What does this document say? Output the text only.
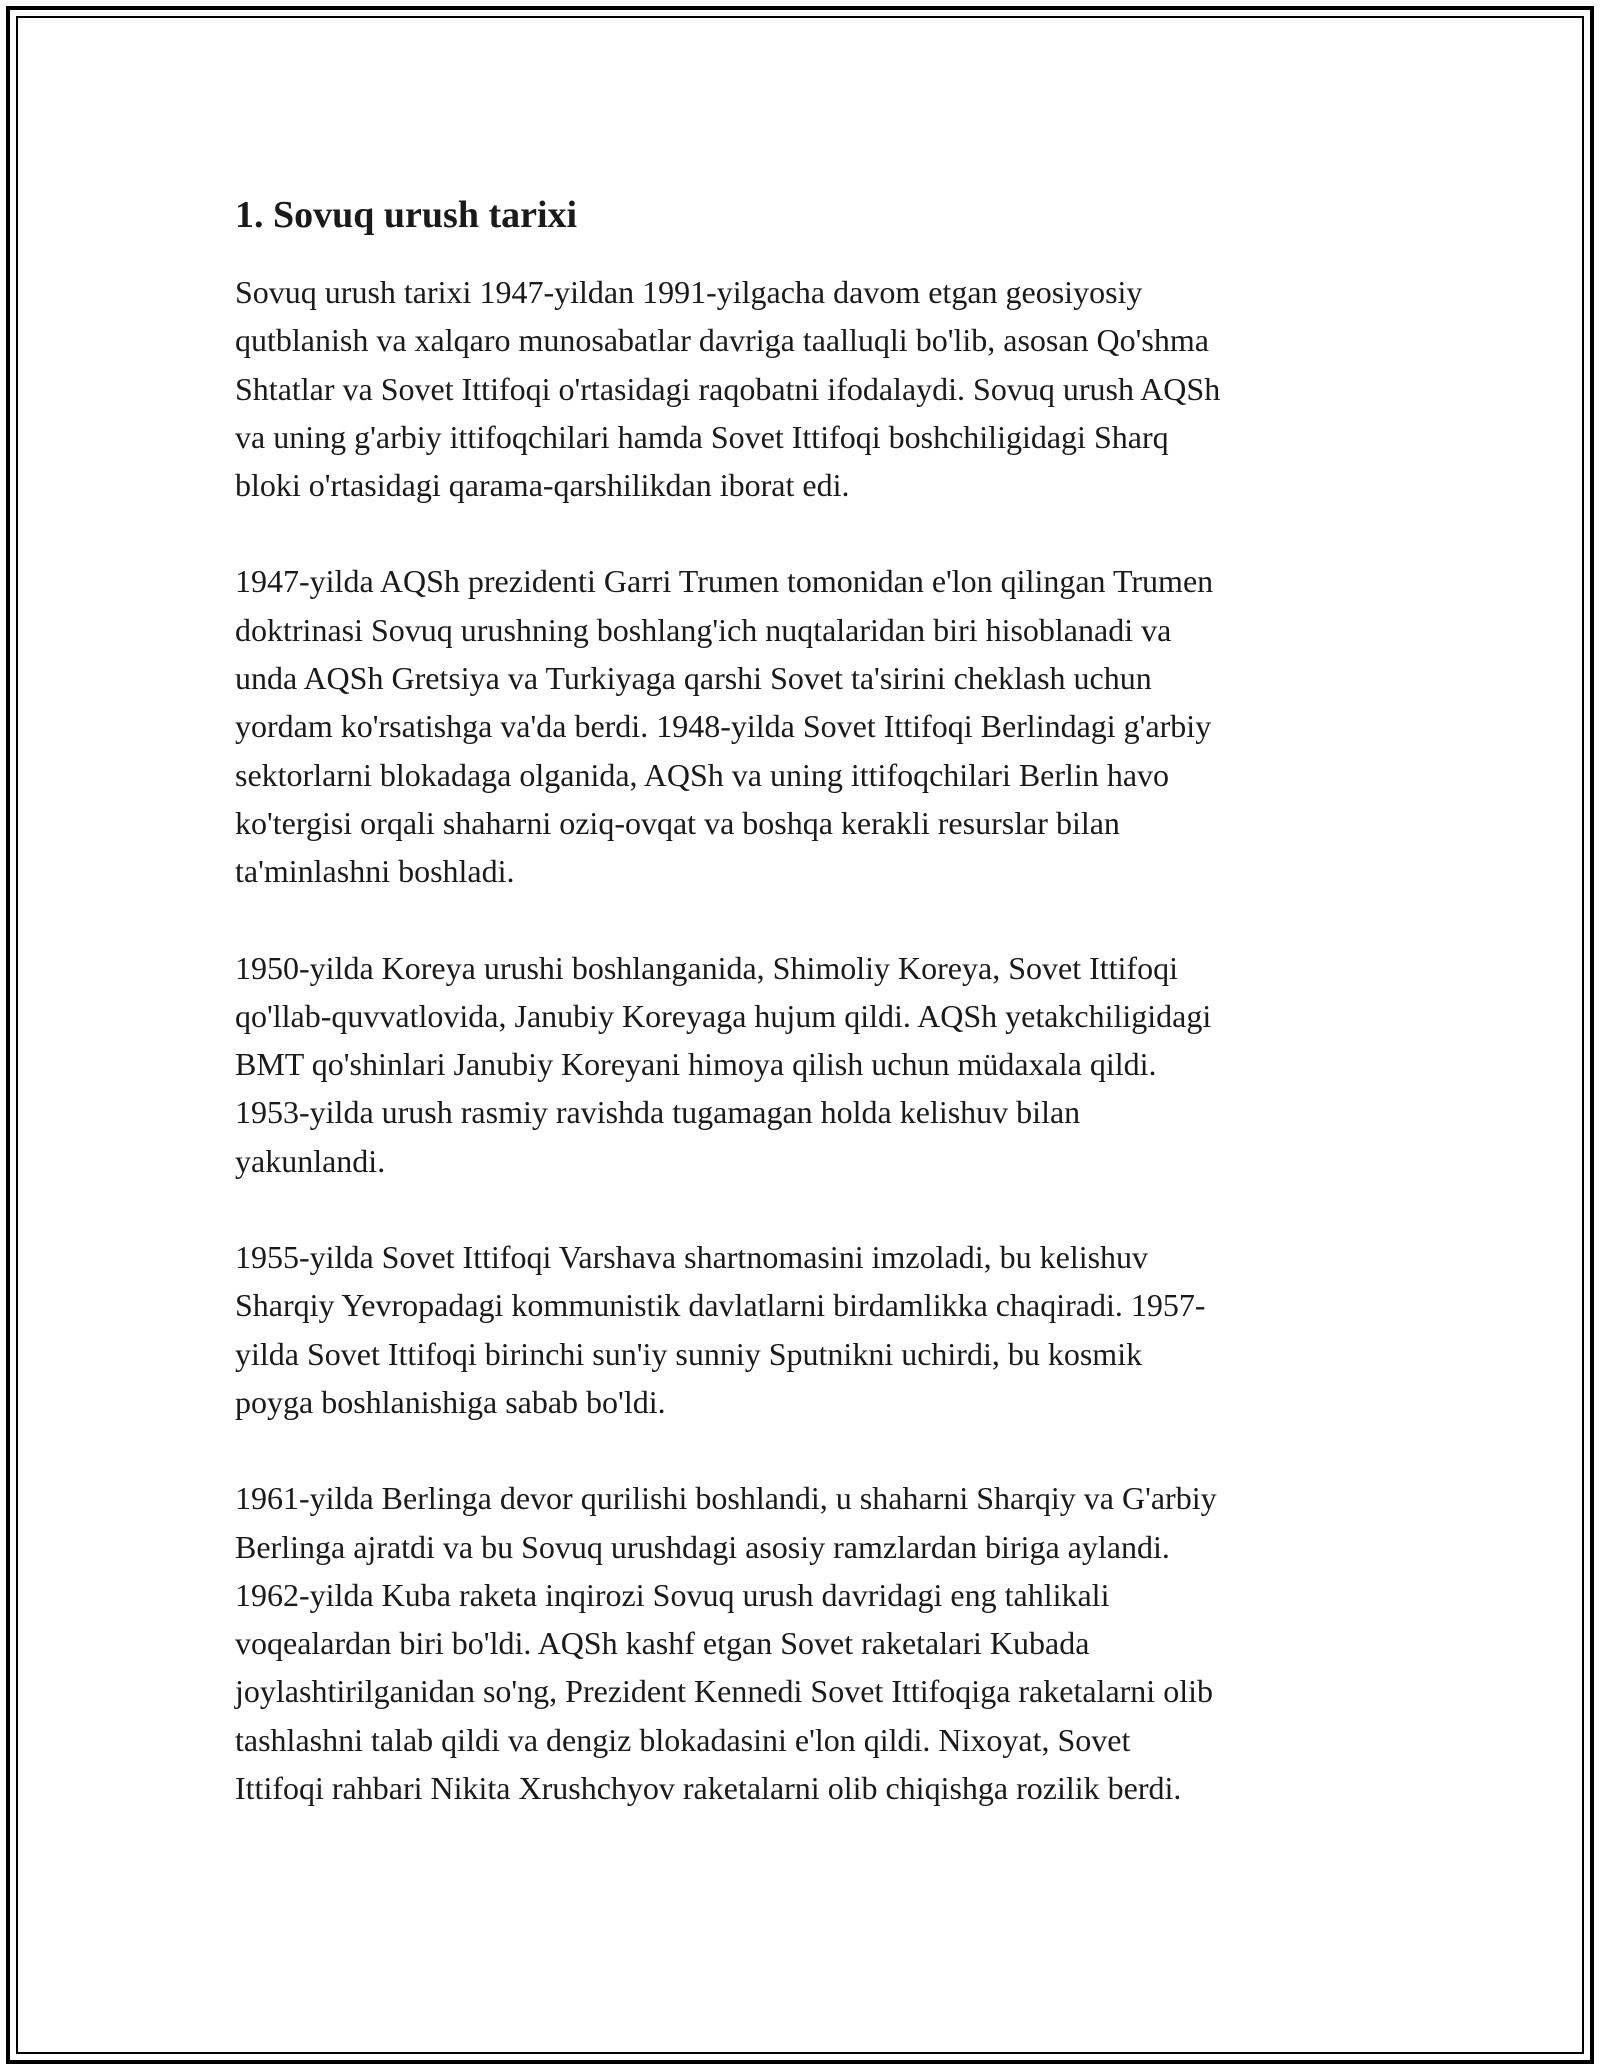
1. Sovuq urush tarixi

Sovuq urush tarixi 1947-yildan 1991-yilgacha davom etgan geosiyosiy
qutblanish va xalqaro munosabatlar davriga taalluqli bo'lib, asosan Qo'shma
Shtatlar va Sovet Ittifoqi o'rtasidagi raqobatni ifodalaydi. Sovuq urush AQSh
va uning g'arbiy ittifoqchilari hamda Sovet Ittifoqi boshchiligidagi Sharq
bloki o'rtasidagi qarama-qarshilikdan iborat edi.

1947-yilda AQSh prezidenti Garri Trumen tomonidan e'lon qilingan Trumen
doktrinasi Sovuq urushning boshlang'ich nuqtalaridan biri hisoblanadi va
unda AQSh Gretsiya va Turkiyaga qarshi Sovet ta'sirini cheklash uchun
yordam ko'rsatishga va'da berdi. 1948-yilda Sovet Ittifoqi Berlindagi g'arbiy
sektorlarni blokadaga olganida, AQSh va uning ittifoqchilari Berlin havo
ko'tergisi orqali shaharni oziq-ovqat va boshqa kerakli resurslar bilan
ta'minlashni boshladi.

1950-yilda Koreya urushi boshlanganida, Shimoliy Koreya, Sovet Ittifoqi
qo'llab-quvvatlovida, Janubiy Koreyaga hujum qildi. AQSh yetakchiligidagi
BMT qo'shinlari Janubiy Koreyani himoya qilish uchun müdaxala qildi.
1953-yilda urush rasmiy ravishda tugamagan holda kelishuv bilan
yakunlandi.

1955-yilda Sovet Ittifoqi Varshava shartnomasini imzoladi, bu kelishuv
Sharqiy Yevropadagi kommunistik davlatlarni birdamlikka chaqiradi. 1957-
yilda Sovet Ittifoqi birinchi sun'iy sunniy Sputnikni uchirdi, bu kosmik
poyga boshlanishiga sabab bo'ldi.

1961-yilda Berlinga devor qurilishi boshlandi, u shaharni Sharqiy va G'arbiy
Berlinga ajratdi va bu Sovuq urushdagi asosiy ramzlardan biriga aylandi.
1962-yilda Kuba raketa inqirozi Sovuq urush davridagi eng tahlikali
voqealardan biri bo'ldi. AQSh kashf etgan Sovet raketalari Kubada
joylashtirilganidan so'ng, Prezident Kennedi Sovet Ittifoqiga raketalarni olib
tashlashni talab qildi va dengiz blokadasini e'lon qildi. Nixoyat, Sovet
Ittifoqi rahbari Nikita Xrushchyov raketalarni olib chiqishga rozilik berdi.
